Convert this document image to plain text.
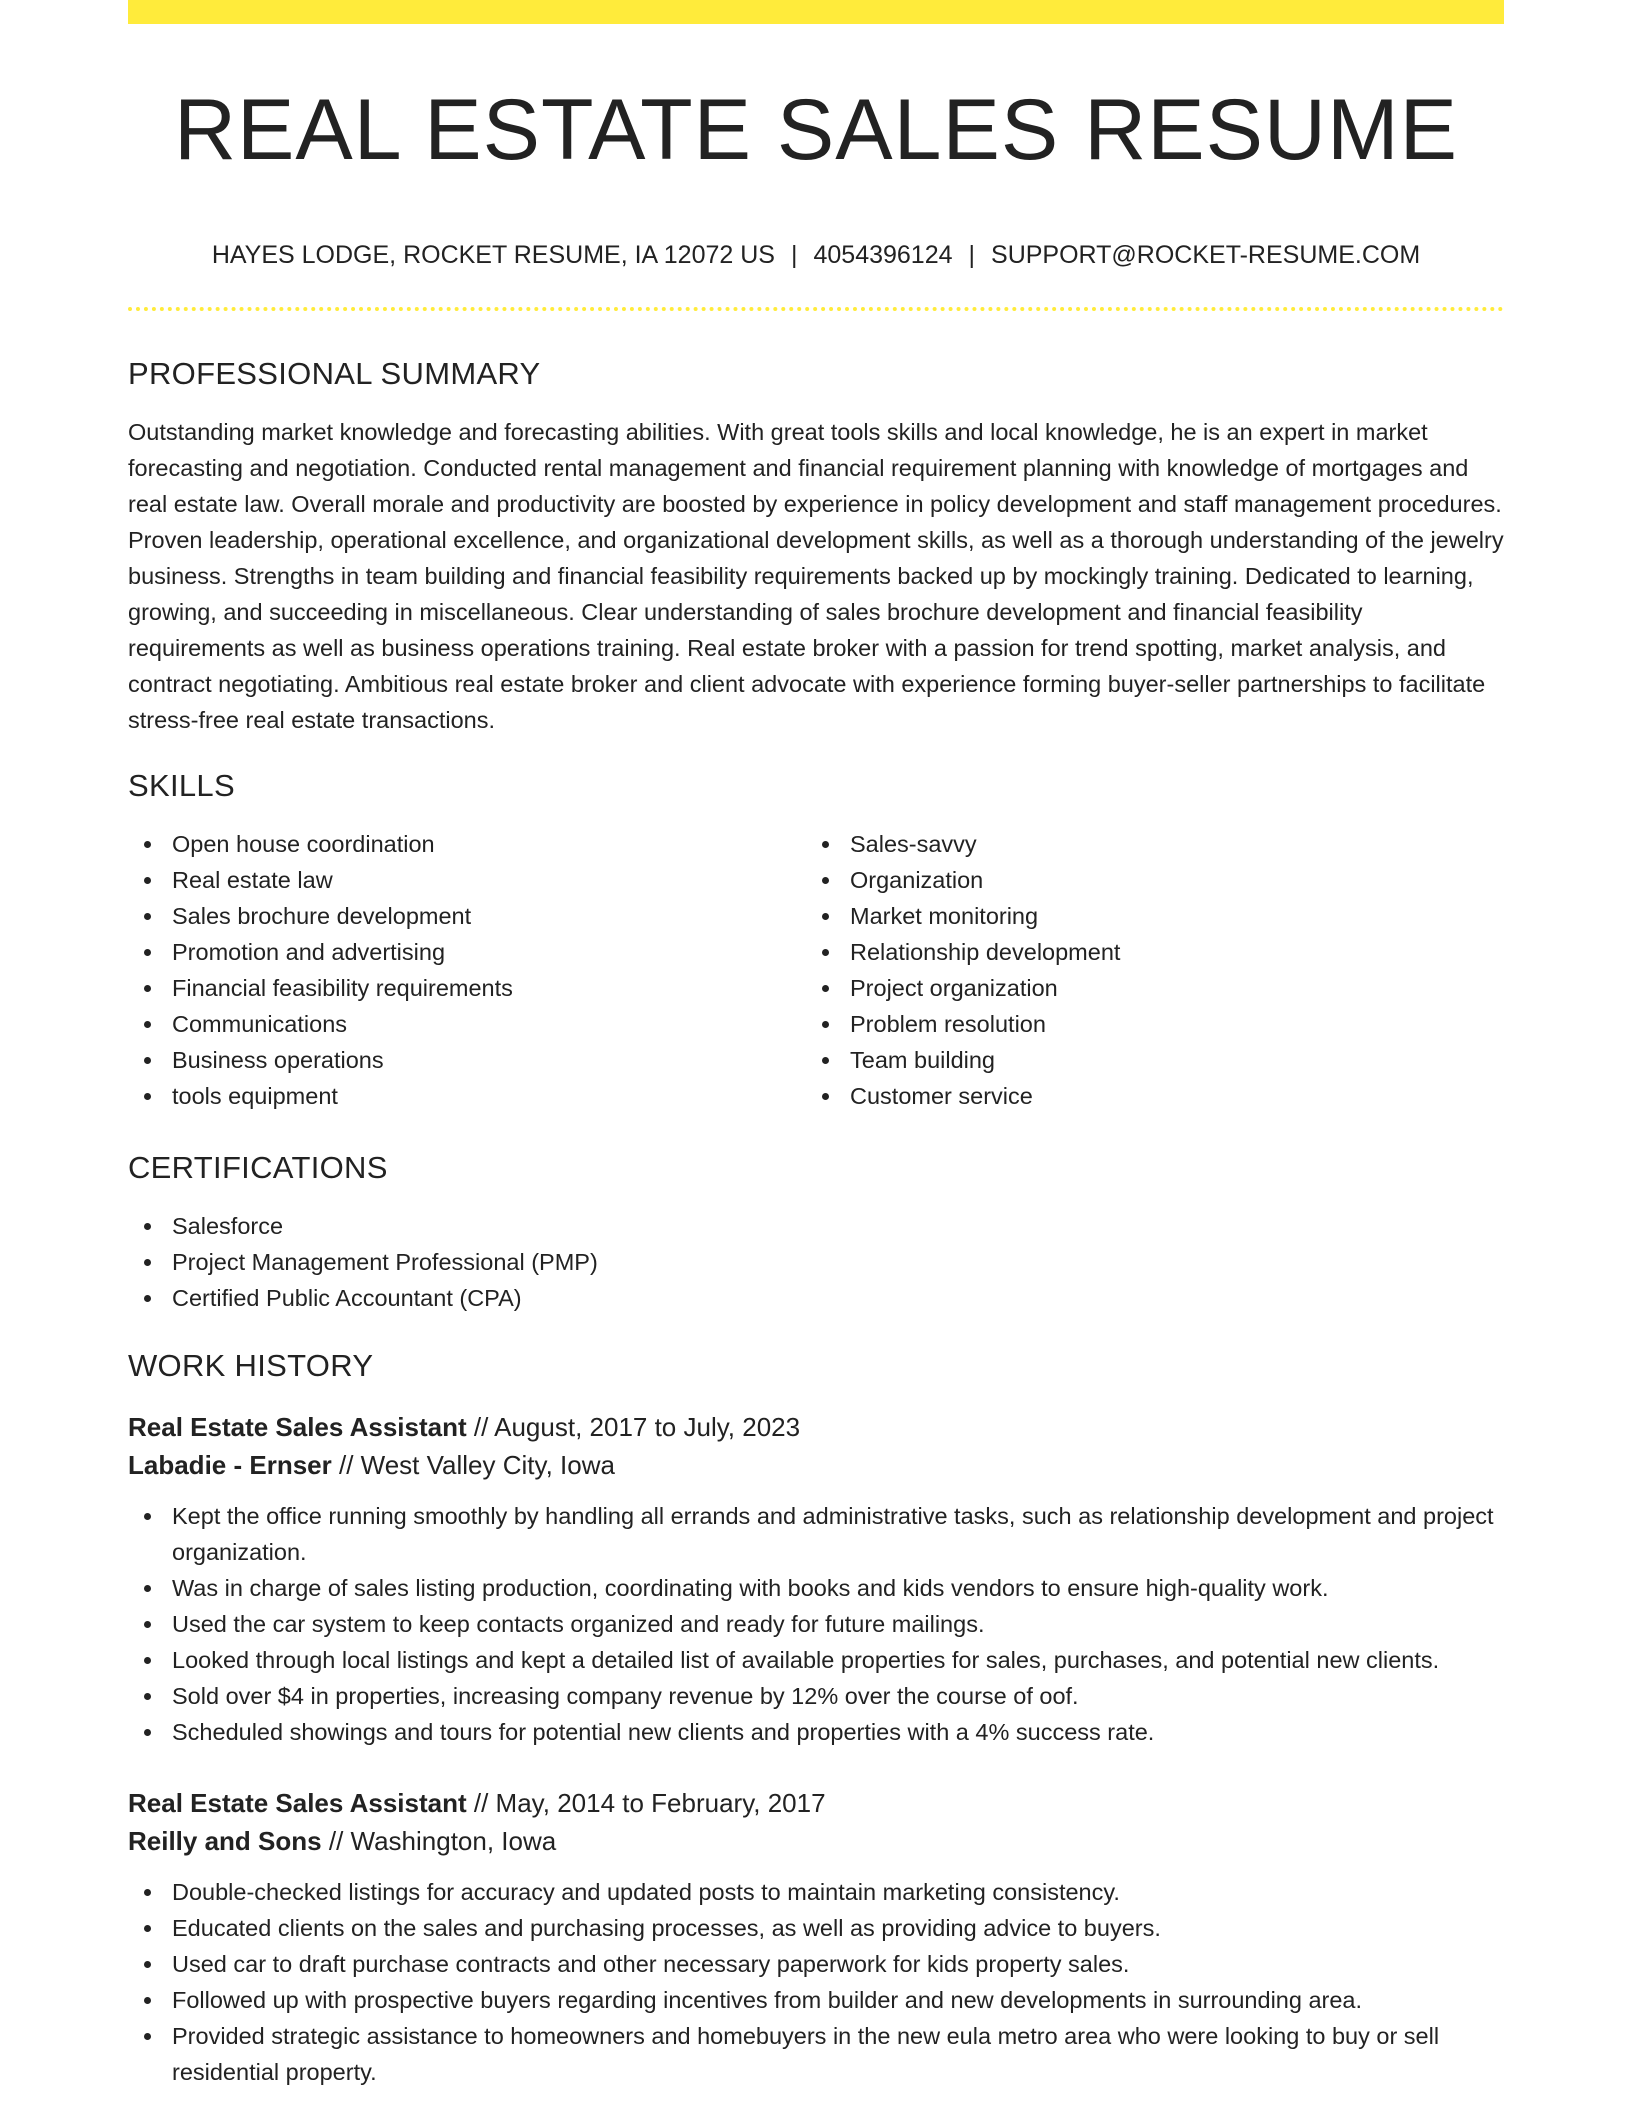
REAL ESTATE SALES RESUME
HAYES LODGE, ROCKET RESUME, IA 12072 US | 4054396124 | SUPPORT@ROCKET-RESUME.COM
PROFESSIONAL SUMMARY

Outstanding market knowledge and forecasting abilities. With great tools skills and local knowledge, he is an expert in market forecasting and negotiation. Conducted rental management and financial requirement planning with knowledge of mortgages and real estate law. Overall morale and productivity are boosted by experience in policy development and staff management procedures. Proven leadership, operational excellence, and organizational development skills, as well as a thorough understanding of the jewelry business. Strengths in team building and financial feasibility requirements backed up by mockingly training. Dedicated to learning, growing, and succeeding in miscellaneous. Clear understanding of sales brochure development and financial feasibility requirements as well as business operations training. Real estate broker with a passion for trend spotting, market analysis, and contract negotiating. Ambitious real estate broker and client advocate with experience forming buyer-seller partnerships to facilitate stress-free real estate transactions.

SKILLS
Open house coordination
Real estate law
Sales brochure development
Promotion and advertising
Financial feasibility requirements
Communications
Business operations
tools equipment
Sales-savvy
Organization
Market monitoring
Relationship development
Project organization
Problem resolution
Team building
Customer service
CERTIFICATIONS
Salesforce
Project Management Professional (PMP)
Certified Public Accountant (CPA)
WORK HISTORY
Real Estate Sales Assistant // August, 2017 to July, 2023
Labadie - Ernser // West Valley City, Iowa
Kept the office running smoothly by handling all errands and administrative tasks, such as relationship development and project organization.
Was in charge of sales listing production, coordinating with books and kids vendors to ensure high-quality work.
Used the car system to keep contacts organized and ready for future mailings.
Looked through local listings and kept a detailed list of available properties for sales, purchases, and potential new clients.
Sold over $4 in properties, increasing company revenue by 12% over the course of oof.
Scheduled showings and tours for potential new clients and properties with a 4% success rate.
Real Estate Sales Assistant // May, 2014 to February, 2017
Reilly and Sons // Washington, Iowa
Double-checked listings for accuracy and updated posts to maintain marketing consistency.
Educated clients on the sales and purchasing processes, as well as providing advice to buyers.
Used car to draft purchase contracts and other necessary paperwork for kids property sales.
Followed up with prospective buyers regarding incentives from builder and new developments in surrounding area.
Provided strategic assistance to homeowners and homebuyers in the new eula metro area who were looking to buy or sell residential property.
